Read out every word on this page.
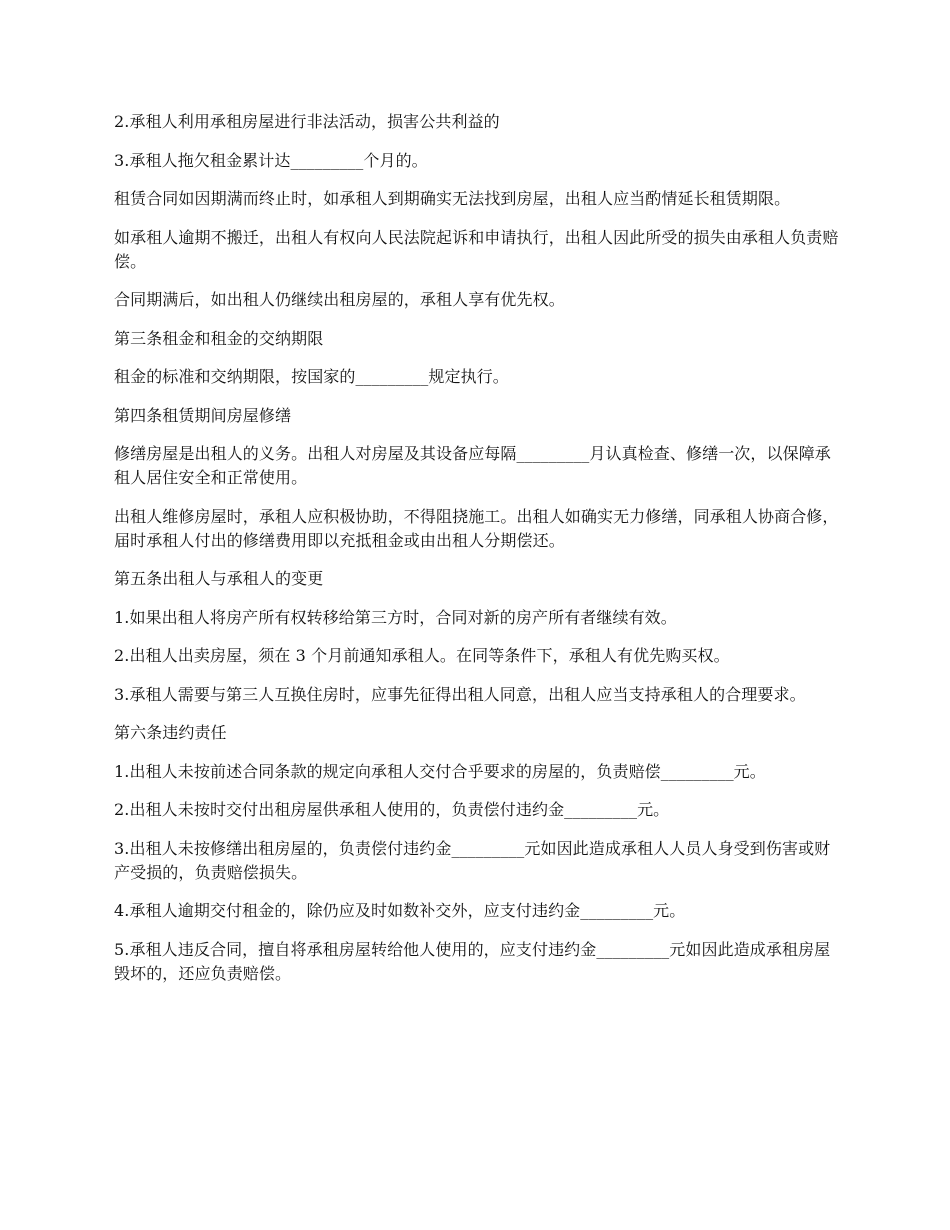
2.承租人利用承租房屋进行非法活动，损害公共利益的

3.承租人拖欠租金累计达_________个月的。

租赁合同如因期满而终止时，如承租人到期确实无法找到房屋，出租人应当酌情延长租赁期限。

如承租人逾期不搬迁，出租人有权向人民法院起诉和申请执行，出租人因此所受的损失由承租人负责赔偿。

合同期满后，如出租人仍继续出租房屋的，承租人享有优先权。

第三条租金和租金的交纳期限

租金的标准和交纳期限，按国家的_________规定执行。

第四条租赁期间房屋修缮

修缮房屋是出租人的义务。出租人对房屋及其设备应每隔_________月认真检查、修缮一次，以保障承租人居住安全和正常使用。

出租人维修房屋时，承租人应积极协助，不得阻挠施工。出租人如确实无力修缮，同承租人协商合修，届时承租人付出的修缮费用即以充抵租金或由出租人分期偿还。

第五条出租人与承租人的变更

1.如果出租人将房产所有权转移给第三方时，合同对新的房产所有者继续有效。

2.出租人出卖房屋，须在 3 个月前通知承租人。在同等条件下，承租人有优先购买权。

3.承租人需要与第三人互换住房时，应事先征得出租人同意，出租人应当支持承租人的合理要求。

第六条违约责任

1.出租人未按前述合同条款的规定向承租人交付合乎要求的房屋的，负责赔偿_________元。

2.出租人未按时交付出租房屋供承租人使用的，负责偿付违约金_________元。

3.出租人未按修缮出租房屋的，负责偿付违约金_________元如因此造成承租人人员人身受到伤害或财产受损的，负责赔偿损失。

4.承租人逾期交付租金的，除仍应及时如数补交外，应支付违约金_________元。

5.承租人违反合同，擅自将承租房屋转给他人使用的，应支付违约金_________元如因此造成承租房屋毁坏的，还应负责赔偿。
